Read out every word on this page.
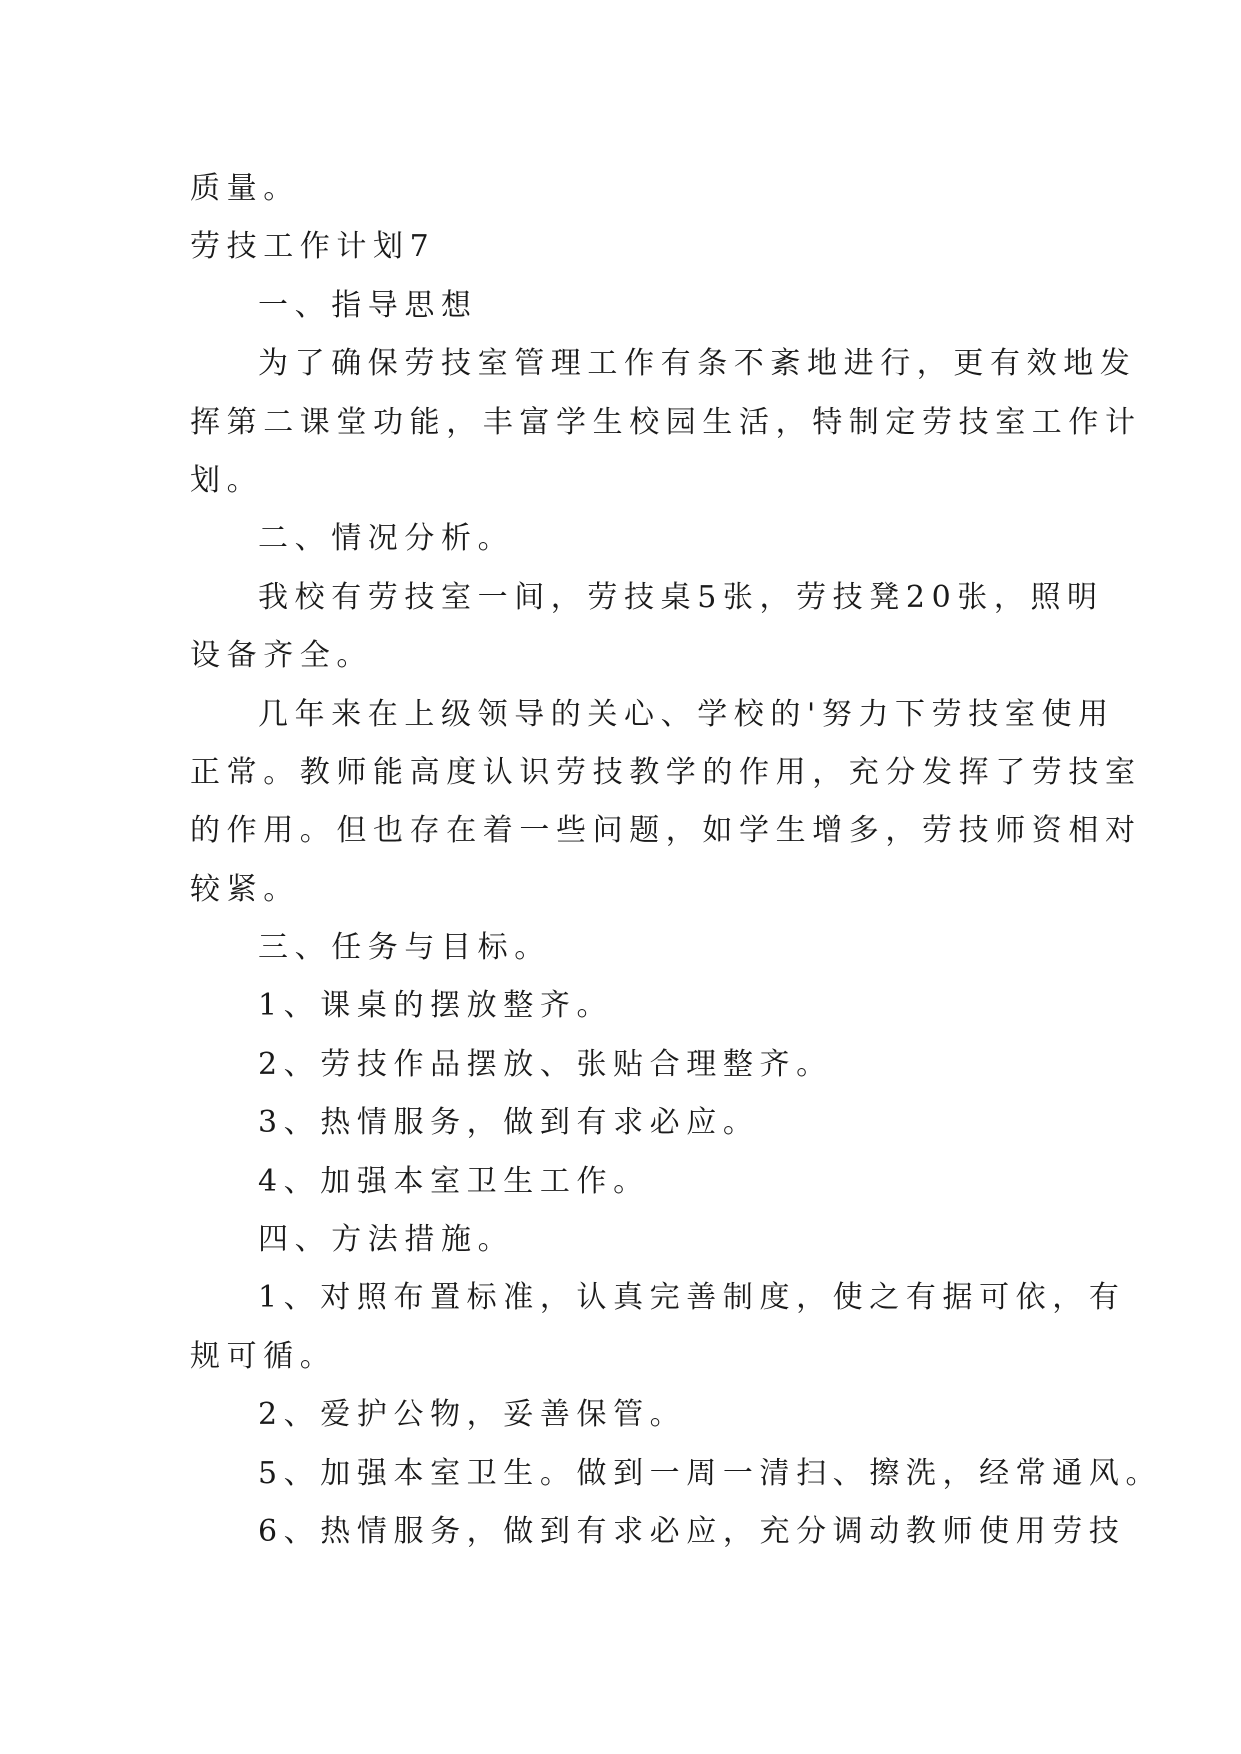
质量。
劳技工作计划7
一、指导思想
为了确保劳技室管理工作有条不紊地进行，更有效地发
挥第二课堂功能，丰富学生校园生活，特制定劳技室工作计
划。
二、情况分析。
我校有劳技室一间，劳技桌5张，劳技凳20张，照明
设备齐全。
几年来在上级领导的关心、学校的'努力下劳技室使用
正常。教师能高度认识劳技教学的作用，充分发挥了劳技室
的作用。但也存在着一些问题，如学生增多，劳技师资相对
较紧。
三、任务与目标。
1、课桌的摆放整齐。
2、劳技作品摆放、张贴合理整齐。
3、热情服务，做到有求必应。
4、加强本室卫生工作。
四、方法措施。
1、对照布置标准，认真完善制度，使之有据可依，有
规可循。
2、爱护公物，妥善保管。
5、加强本室卫生。做到一周一清扫、擦洗，经常通风。
6、热情服务，做到有求必应，充分调动教师使用劳技
